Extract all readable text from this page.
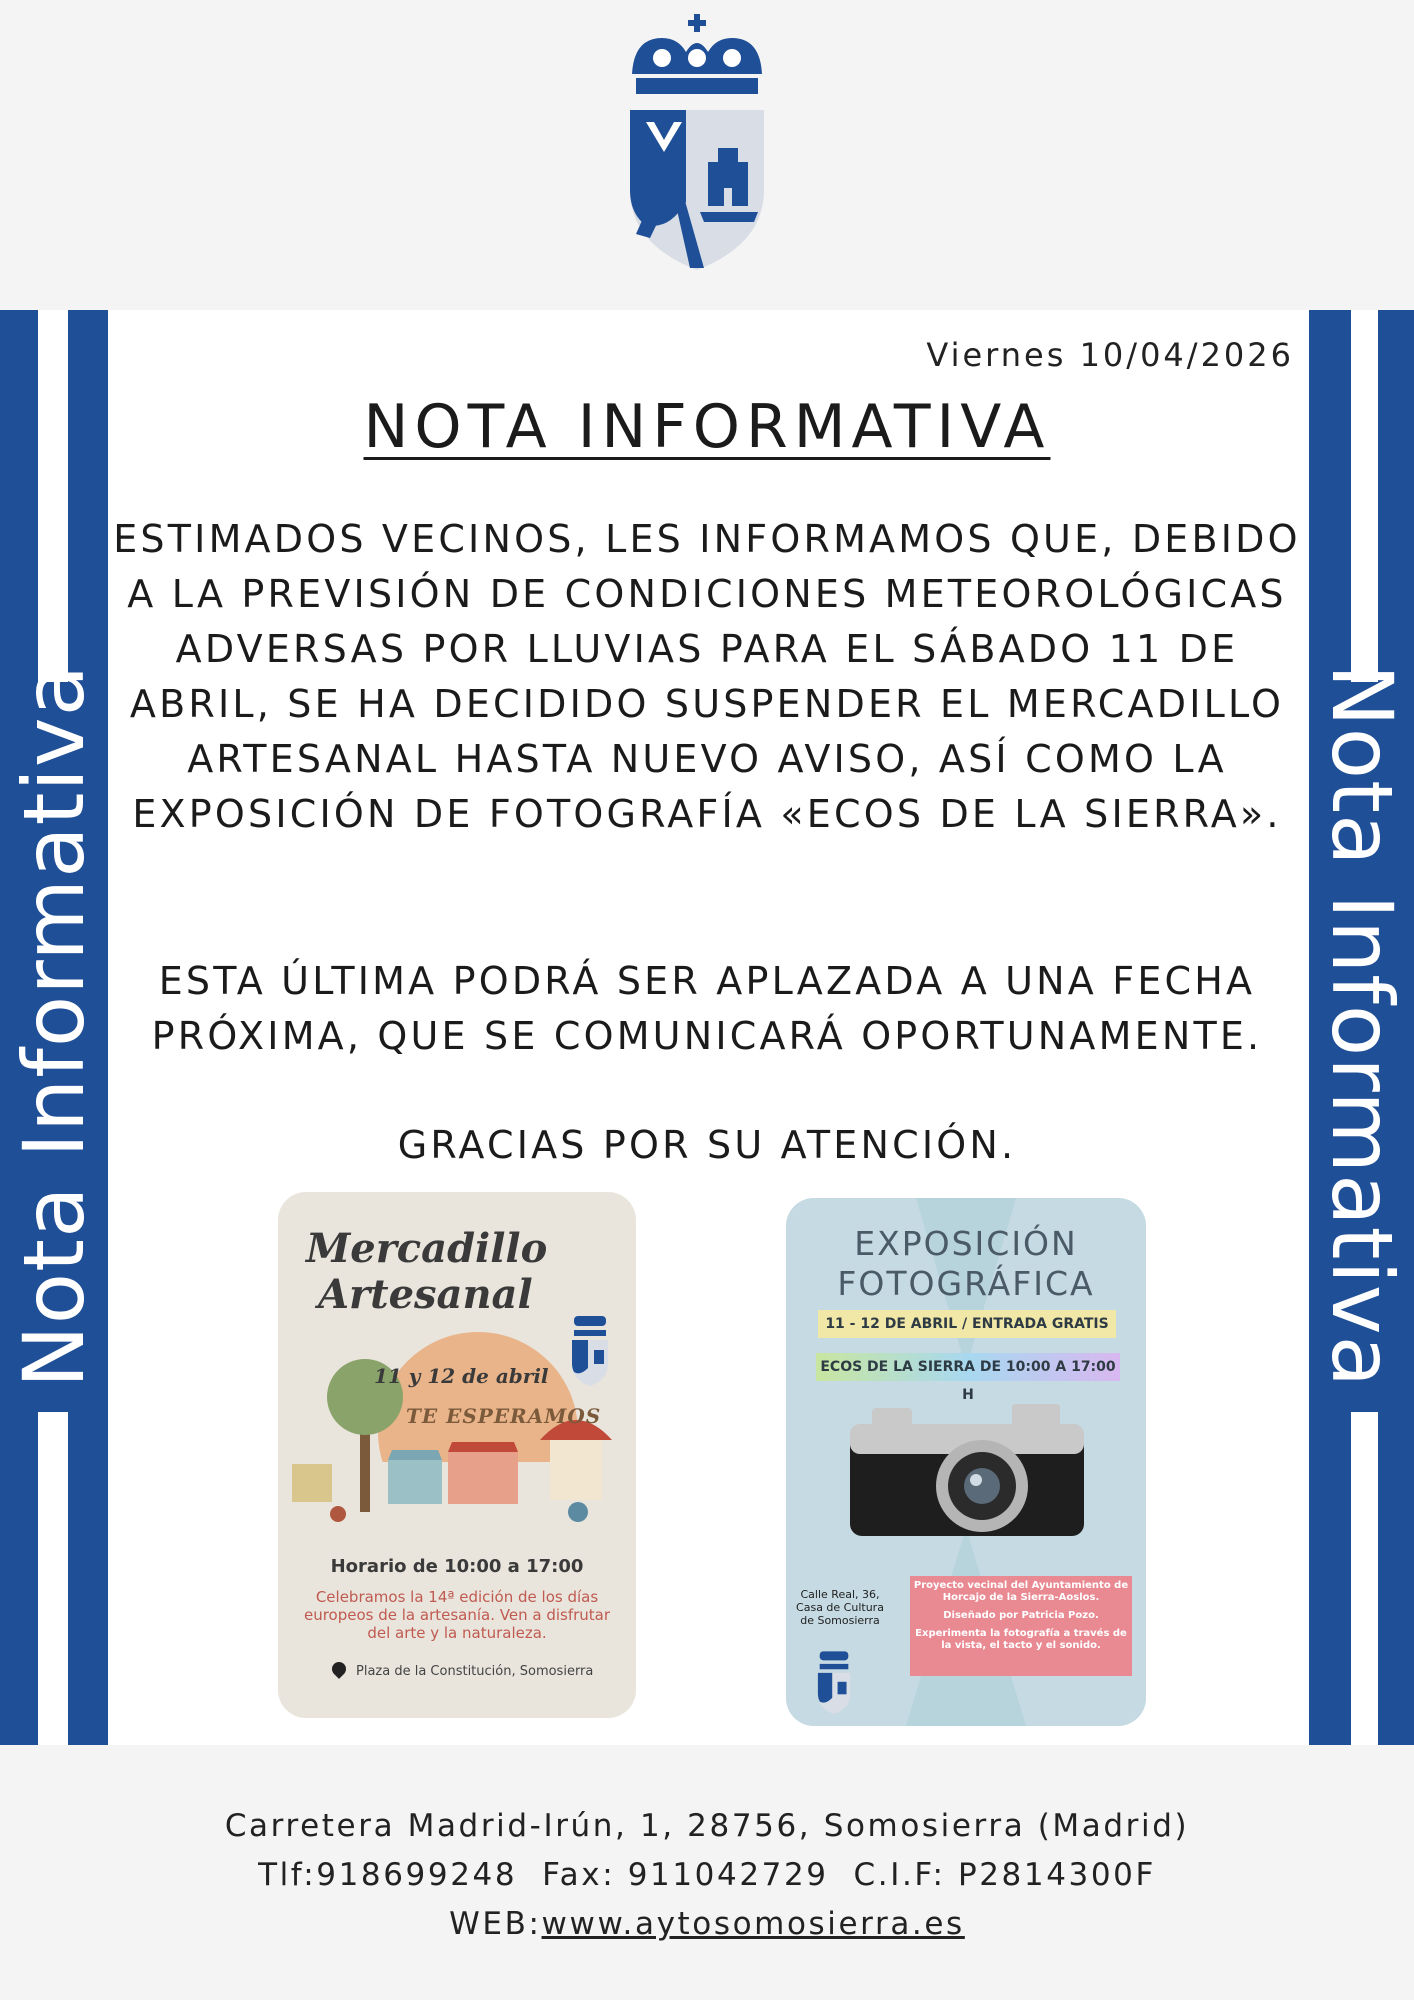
Nota Informativa	Nota Informativa
Viernes 10/04/2026
NOTA INFORMATIVA

ESTIMADOS VECINOS, LES INFORMAMOS QUE, DEBIDO A LA PREVISIÓN DE CONDICIONES METEOROLÓGICAS ADVERSAS POR LLUVIAS PARA EL SÁBADO 11 DE ABRIL, SE HA DECIDIDO SUSPENDER EL MERCADILLO ARTESANAL HASTA NUEVO AVISO, ASÍ COMO LA EXPOSICIÓN DE FOTOGRAFÍA «ECOS DE LA SIERRA».

ESTA ÚLTIMA PODRÁ SER APLAZADA A UNA FECHA PRÓXIMA, QUE SE COMUNICARÁ OPORTUNAMENTE.

GRACIAS POR SU ATENCIÓN.

Mercadillo
Artesanal
11 y 12 de abril
TE ESPERAMOS
Horario de 10:00 a 17:00
Celebramos la 14ª edición de los días europeos de la artesanía. Ven a disfrutar del arte y la naturaleza.
Plaza de la Constitución, Somosierra
EXPOSICIÓN
FOTOGRÁFICA
11 - 12 DE ABRIL / ENTRADA GRATIS
ECOS DE LA SIERRA DE 10:00 A 17:00 H
Calle Real, 36, Casa de Cultura de Somosierra
Proyecto vecinal del Ayuntamiento de Horcajo de la Sierra-Aoslos.
Diseñado por Patricia Pozo.
Experimenta la fotografía a través de la vista, el tacto y el sonido.
Carretera Madrid-Irún, 1, 28756, Somosierra (Madrid)
Tlf:918699248  Fax: 911042729  C.I.F: P2814300F
WEB:www.aytosomosierra.es
